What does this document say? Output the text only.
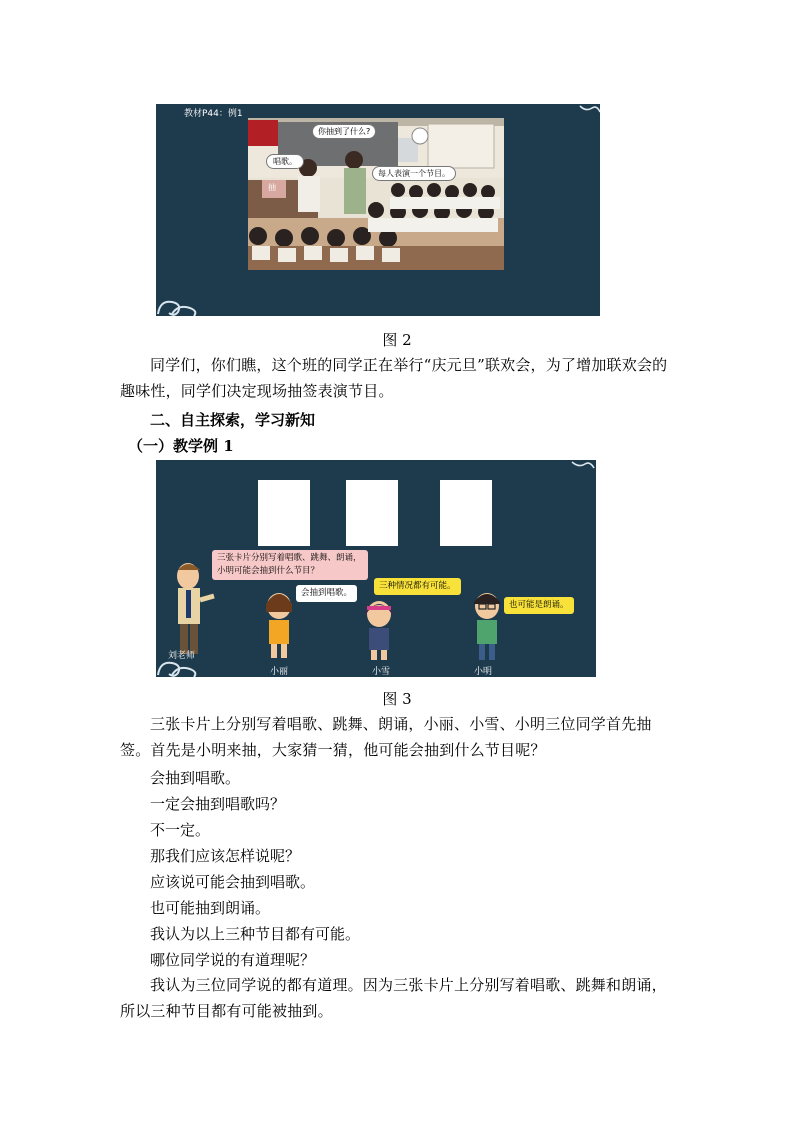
教材P44：例1
你抽到了什么?
唱歌。
每人表演一个节目。
抽
图 2
同学们，你们瞧，这个班的同学正在举行“庆元旦”联欢会，为了增加联欢会的趣味性，同学们决定现场抽签表演节目。
二、自主探索，学习新知
（一）教学例 1
三张卡片分别写着唱歌、跳舞、朗诵，小明可能会抽到什么节目？
刘老师
会抽到唱歌。
小丽
三种情况都有可能。
小雪
也可能是朗诵。
小明
图 3
三张卡片上分别写着唱歌、跳舞、朗诵，小丽、小雪、小明三位同学首先抽签。首先是小明来抽，大家猜一猜，他可能会抽到什么节目呢？
会抽到唱歌。
一定会抽到唱歌吗？
不一定。
那我们应该怎样说呢？
应该说可能会抽到唱歌。
也可能抽到朗诵。
我认为以上三种节目都有可能。
哪位同学说的有道理呢？
我认为三位同学说的都有道理。因为三张卡片上分别写着唱歌、跳舞和朗诵，所以三种节目都有可能被抽到。
